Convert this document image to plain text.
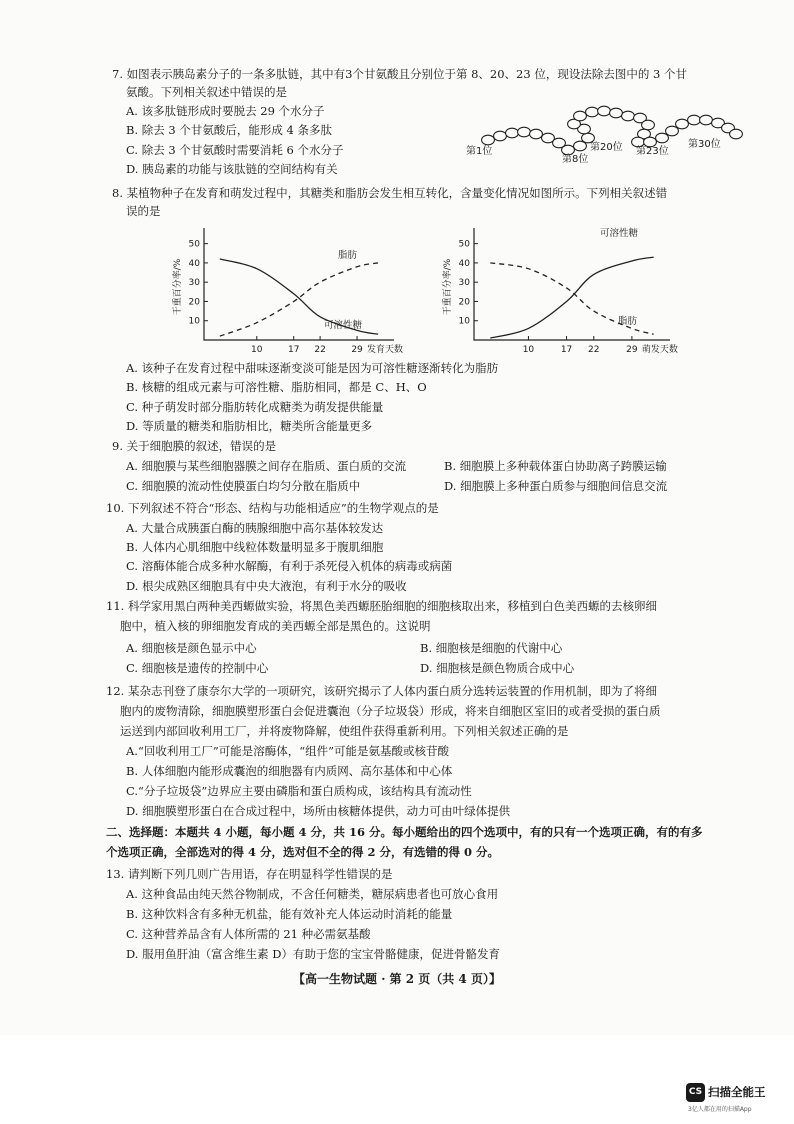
7. 如图表示胰岛素分子的一条多肽链，其中有3个甘氨酸且分别位于第 8、20、23 位，现设法除去图中的 3 个甘
氨酸。下列相关叙述中错误的是
A. 该多肽链形成时要脱去 29 个水分子
B. 除去 3 个甘氨酸后，能形成 4 条多肽
C. 除去 3 个甘氨酸时需要消耗 6 个水分子
D. 胰岛素的功能与该肽链的空间结构有关
第1位
第8位
第20位 第23位
第30位
8. 某植物种子在发育和萌发过程中，其糖类和脂肪会发生相互转化，含量变化情况如图所示。下列相关叙述错
误的是
10
20
30
40
50
10	17 22	29 发育天数
干重百分率/%
脂肪
可溶性糖	10
20
30
40
50
10	17 22	29 萌发天数
干重百分率/%
可溶性糖
脂肪
A. 该种子在发育过程中甜味逐渐变淡可能是因为可溶性糖逐渐转化为脂肪
B. 核糖的组成元素与可溶性糖、脂肪相同，都是 C、H、O
C. 种子萌发时部分脂肪转化成糖类为萌发提供能量
D. 等质量的糖类和脂肪相比，糖类所含能量更多
9. 关于细胞膜的叙述，错误的是
A. 细胞膜与某些细胞器膜之间存在脂质、蛋白质的交流	B. 细胞膜上多种载体蛋白协助离子跨膜运输
C. 细胞膜的流动性使膜蛋白均匀分散在脂质中	D. 细胞膜上多种蛋白质参与细胞间信息交流
10. 下列叙述不符合“形态、结构与功能相适应”的生物学观点的是
A. 大量合成胰蛋白酶的胰腺细胞中高尔基体较发达
B. 人体内心肌细胞中线粒体数量明显多于腹肌细胞
C. 溶酶体能合成多种水解酶，有利于杀死侵入机体的病毒或病菌
D. 根尖成熟区细胞具有中央大液泡，有利于水分的吸收
11. 科学家用黑白两种美西螈做实验，将黑色美西螈胚胎细胞的细胞核取出来，移植到白色美西螈的去核卵细
胞中，植入核的卵细胞发育成的美西螈全部是黑色的。这说明
A. 细胞核是颜色显示中心	B. 细胞核是细胞的代谢中心
C. 细胞核是遗传的控制中心	D. 细胞核是颜色物质合成中心
12. 某杂志刊登了康奈尔大学的一项研究，该研究揭示了人体内蛋白质分选转运装置的作用机制，即为了将细
胞内的废物清除，细胞膜塑形蛋白会促进囊泡（分子垃圾袋）形成，将来自细胞区室旧的或者受损的蛋白质
运送到内部回收利用工厂，并将废物降解，使组件获得重新利用。下列相关叙述正确的是
A.“回收利用工厂”可能是溶酶体，“组件”可能是氨基酸或核苷酸
B. 人体细胞内能形成囊泡的细胞器有内质网、高尔基体和中心体
C.“分子垃圾袋”边界应主要由磷脂和蛋白质构成，该结构具有流动性
D. 细胞膜塑形蛋白在合成过程中，场所由核糖体提供，动力可由叶绿体提供
二、选择题：本题共 4 小题，每小题 4 分，共 16 分。每小题给出的四个选项中，有的只有一个选项正确，有的有多
个选项正确，全部选对的得 4 分，选对但不全的得 2 分，有选错的得 0 分。
13. 请判断下列几则广告用语，存在明显科学性错误的是
A. 这种食品由纯天然谷物制成，不含任何糖类，糖尿病患者也可放心食用
B. 这种饮料含有多种无机盐，能有效补充人体运动时消耗的能量
C. 这种营养品含有人体所需的 21 种必需氨基酸
D. 服用鱼肝油（富含维生素 D）有助于您的宝宝骨骼健康，促进骨骼发育
【高一生物试题 · 第 2 页（共 4 页）】
CS 扫描全能王
3亿人都在用的扫描App
